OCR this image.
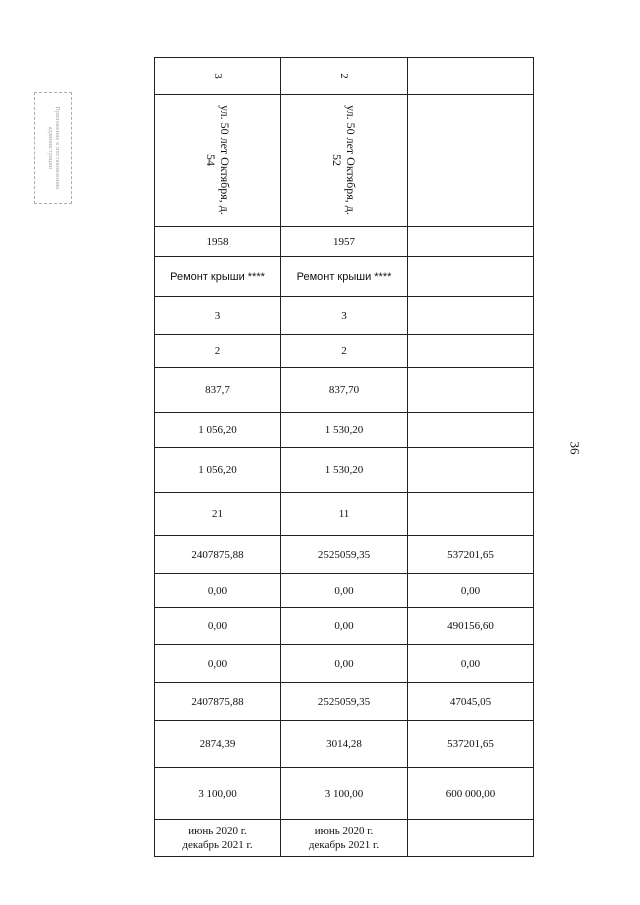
Приложение к постановлению администрации
36
3	2	
ул. 50 лет Октября, д. 54	ул. 50 лет Октября, д. 52	
1958	1957	
Ремонт крыши ****	Ремонт крыши ****	
3	3	
2	2	
837,7	837,70	
1 056,20	1 530,20	
1 056,20	1 530,20	
21	11	
2407875,88	2525059,35	537201,65
0,00	0,00	0,00
0,00	0,00	490156,60
0,00	0,00	0,00
2407875,88	2525059,35	47045,05
2874,39	3014,28	537201,65
3 100,00	3 100,00	600 000,00
июнь 2020 г. декабрь 2021 г.	июнь 2020 г. декабрь 2021 г.	
